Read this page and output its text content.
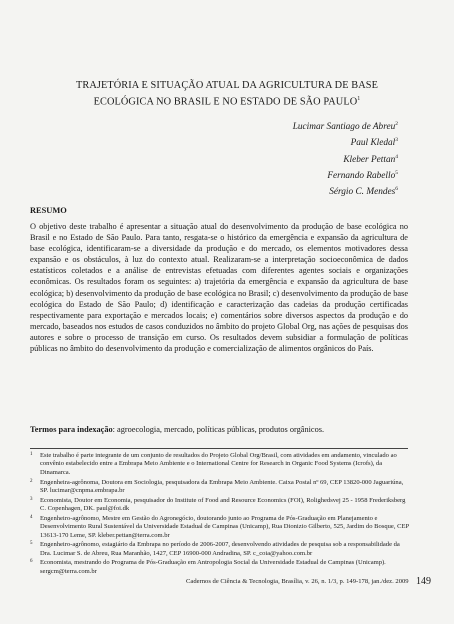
TRAJETÓRIA E SITUAÇÃO ATUAL DA AGRICULTURA DE BASE
ECOLÓGICA NO BRASIL E NO ESTADO DE SÃO PAULO$^1$
Lucimar Santiago de Abreu$^2$
Paul Kledal$^3$
Kleber Pettan$^4$
Fernando Rabello$^5$
Sérgio C. Mendes$^6$
RESUMO

O objetivo deste trabalho é apresentar a situação atual do desenvolvimento da produção de base ecológica no Brasil e no Estado de São Paulo. Para tanto, resgata-se o histórico da emergência e expansão da agricultura de base ecológica, identificaram-se a diversidade da produção e do mercado, os elementos motivadores dessa expansão e os obstáculos, à luz do contexto atual. Realizaram-se a interpretação socioeconômica de dados estatísticos coletados e a análise de entrevistas efetuadas com diferentes agentes sociais e organizações econômicas. Os resultados foram os seguintes: a) trajetória da emergência e expansão da agricultura de base ecológica; b) desenvolvimento da produção de base ecológica no Brasil; c) desenvolvimento da produção de base ecológica do Estado de São Paulo; d) identificação e caracterização das cadeias da produção certificadas respectivamente para exportação e mercados locais; e) comentários sobre diversos aspectos da produção e do mercado, baseados nos estudos de casos conduzidos no âmbito do projeto Global Org, nas ações de pesquisas dos autores e sobre o processo de transição em curso. Os resultados devem subsidiar a formulação de políticas públicas no âmbito do desenvolvimento da produção e comercialização de alimentos orgânicos do País.

Termos para indexação: agroecologia, mercado, políticas públicas, produtos orgânicos.

1 Este trabalho é parte integrante de um conjunto de resultados do Projeto Global Org/Brasil, com atividades em andamento, vinculado ao convênio estabelecido entre a Embrapa Meio Ambiente e o International Centre for Research in Organic Food Systems (Icrofs), da Dinamarca.
2 Engenheira-agrônoma, Doutora em Sociologia, pesquisadora da Embrapa Meio Ambiente. Caixa Postal nº 69, CEP 13820-000 Jaguariúna, SP. lucimar@cnpma.embrapa.br
3 Economista, Doutor em Economia, pesquisador do Institute of Food and Resource Economics (FOI), Rolighedsvej 25 - 1958 Frederiksberg C. Copenhagen, DK. paul@foi.dk
4 Engenheiro-agrônomo, Mestre em Gestão do Agronegócio, doutorando junto ao Programa de Pós-Graduação em Planejamento e Desenvolvimento Rural Sustentável da Universidade Estadual de Campinas (Unicamp), Rua Dionizio Gilberto, 525, Jardim do Bosque, CEP 13613-170 Leme, SP. kleber.pettan@terra.com.br
5 Engenheiro-agrônomo, estagiário da Embrapa no período de 2006-2007, desenvolvendo atividades de pesquisa sob a responsabilidade da Dra. Lucimar S. de Abreu, Rua Maranhão, 1427, CEP 16900-000 Andradina, SP. c_coia@yahoo.com.br
6 Economista, mestrando do Programa de Pós-Graduação em Antropologia Social da Universidade Estadual de Campinas (Unicamp). sergcm@terra.com.br
Cadernos de Ciência & Tecnologia, Brasília, v. 26, n. 1/3, p. 149-178, jan./dez. 2009 149
